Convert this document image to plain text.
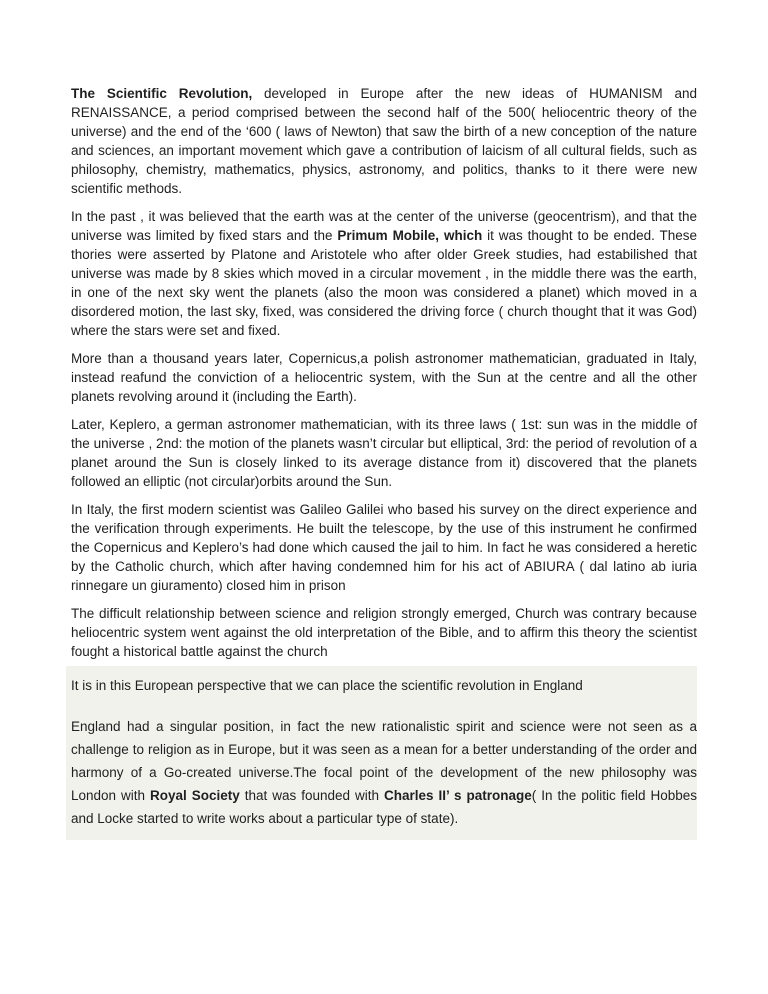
The Scientific Revolution, developed in Europe after the new ideas of HUMANISM and RENAISSANCE, a period comprised between the second half of the 500( heliocentric theory of the universe) and the end of the ‘600 ( laws of Newton) that saw the birth of a new conception of the nature and sciences, an important movement which gave a contribution of laicism of all cultural fields, such as philosophy, chemistry, mathematics, physics, astronomy, and politics, thanks to it there were new scientific methods.

In the past , it was believed that the earth was at the center of the universe (geocentrism), and that the universe was limited by fixed stars and the Primum Mobile, which it was thought to be ended. These thories were asserted by Platone and Aristotele who after older Greek studies, had estabilished that universe was made by 8 skies which moved in a circular movement , in the middle there was the earth, in one of the next sky went the planets (also the moon was considered a planet) which moved in a disordered motion, the last sky, fixed, was considered the driving force ( church thought that it was God) where the stars were set and fixed.

More than a thousand years later, Copernicus,a polish astronomer mathematician, graduated in Italy, instead reafund the conviction of a heliocentric system, with the Sun at the centre and all the other planets revolving around it (including the Earth).

Later, Keplero, a german astronomer mathematician, with its three laws ( 1st: sun was in the middle of the universe , 2nd: the motion of the planets wasn’t circular but elliptical, 3rd: the period of revolution of a planet around the Sun is closely linked to its average distance from it) discovered that the planets followed an elliptic (not circular)orbits around the Sun.

In Italy, the first modern scientist was Galileo Galilei who based his survey on the direct experience and the verification through experiments. He built the telescope, by the use of this instrument he confirmed the Copernicus and Keplero’s had done which caused the jail to him. In fact he was considered a heretic by the Catholic church, which after having condemned him for his act of ABIURA ( dal latino ab iuria rinnegare un giuramento) closed him in prison

The difficult relationship between science and religion strongly emerged, Church was contrary because heliocentric system went against the old interpretation of the Bible, and to affirm this theory the scientist fought a historical battle against the church

It is in this European perspective that we can place the scientific revolution in England

England had a singular position, in fact the new rationalistic spirit and science were not seen as a challenge to religion as in Europe, but it was seen as a mean for a better understanding of the order and harmony of a Go-created universe.The focal point of the development of the new philosophy was London with Royal Society that was founded with Charles II’ s patronage( In the politic field Hobbes and Locke started to write works about a particular type of state).
